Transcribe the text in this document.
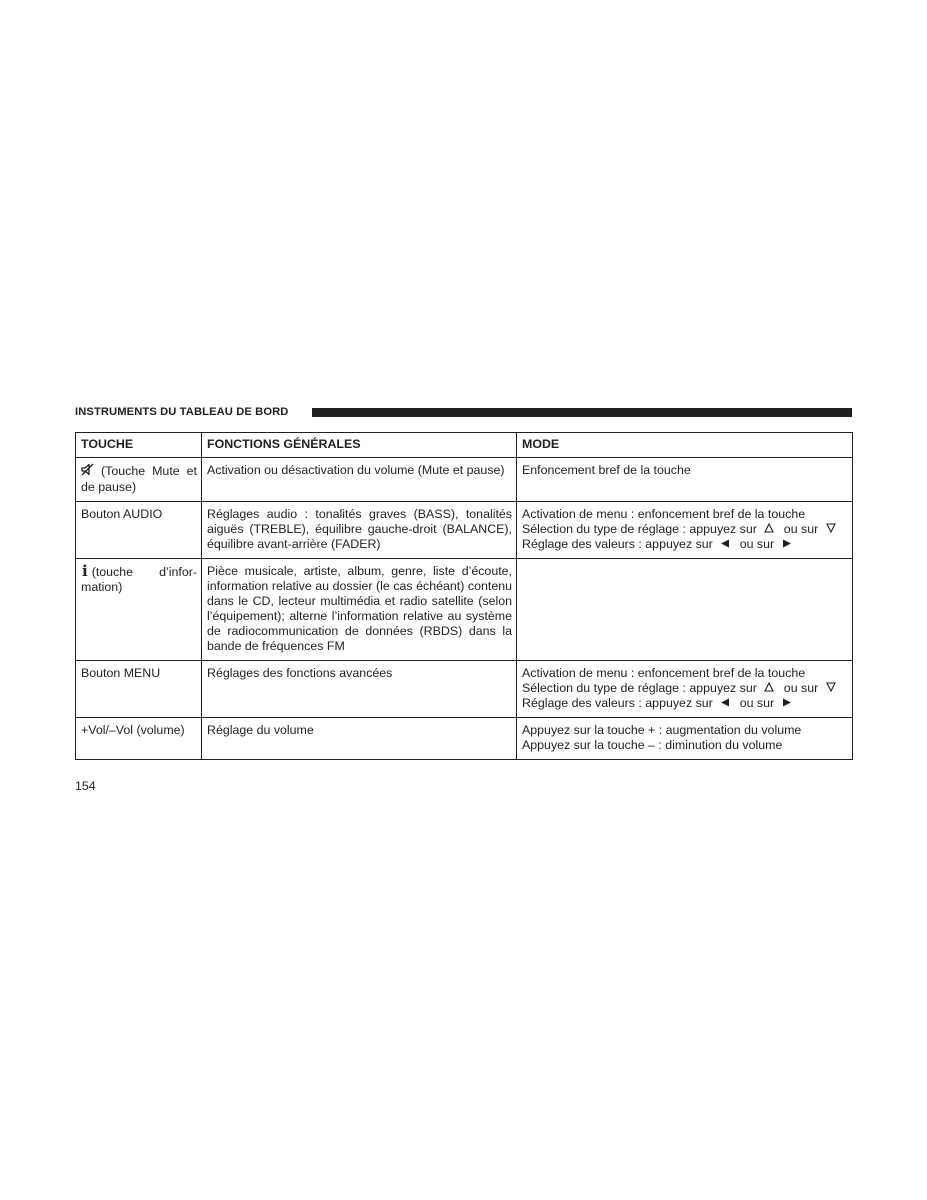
INSTRUMENTS DU TABLEAU DE BORD
TOUCHE	FONCTIONS GÉNÉRALES	MODE
(Touche Mute et de pause)	Activation ou désactivation du volume (Mute et pause)	Enfoncement bref de la touche
Bouton AUDIO	Réglages audio : tonalités graves (BASS), tonalités aiguës (TREBLE), équilibre gauche-droit (BALANCE), équilibre avant-arrière (FADER)	Activation de menu : enfoncement bref de la touche
Sélection du type de réglage : appuyez sur ou sur
Réglage des valeurs : appuyez sur ou sur

i (touche d’infor- mation)	Pièce musicale, artiste, album, genre, liste d’écoute, information relative au dossier (le cas échéant) contenu dans le CD, lecteur multimédia et radio satellite (selon l’équipement); alterne l’information relative au système de radiocommunication de données (RBDS) dans la bande de fréquences FM	
Bouton MENU	Réglages des fonctions avancées	Activation de menu : enfoncement bref de la touche
Sélection du type de réglage : appuyez sur ou sur
Réglage des valeurs : appuyez sur ou sur

+Vol/–Vol (volume)	Réglage du volume	Appuyez sur la touche + : augmentation du volume
Appuyez sur la touche – : diminution du volume
154
